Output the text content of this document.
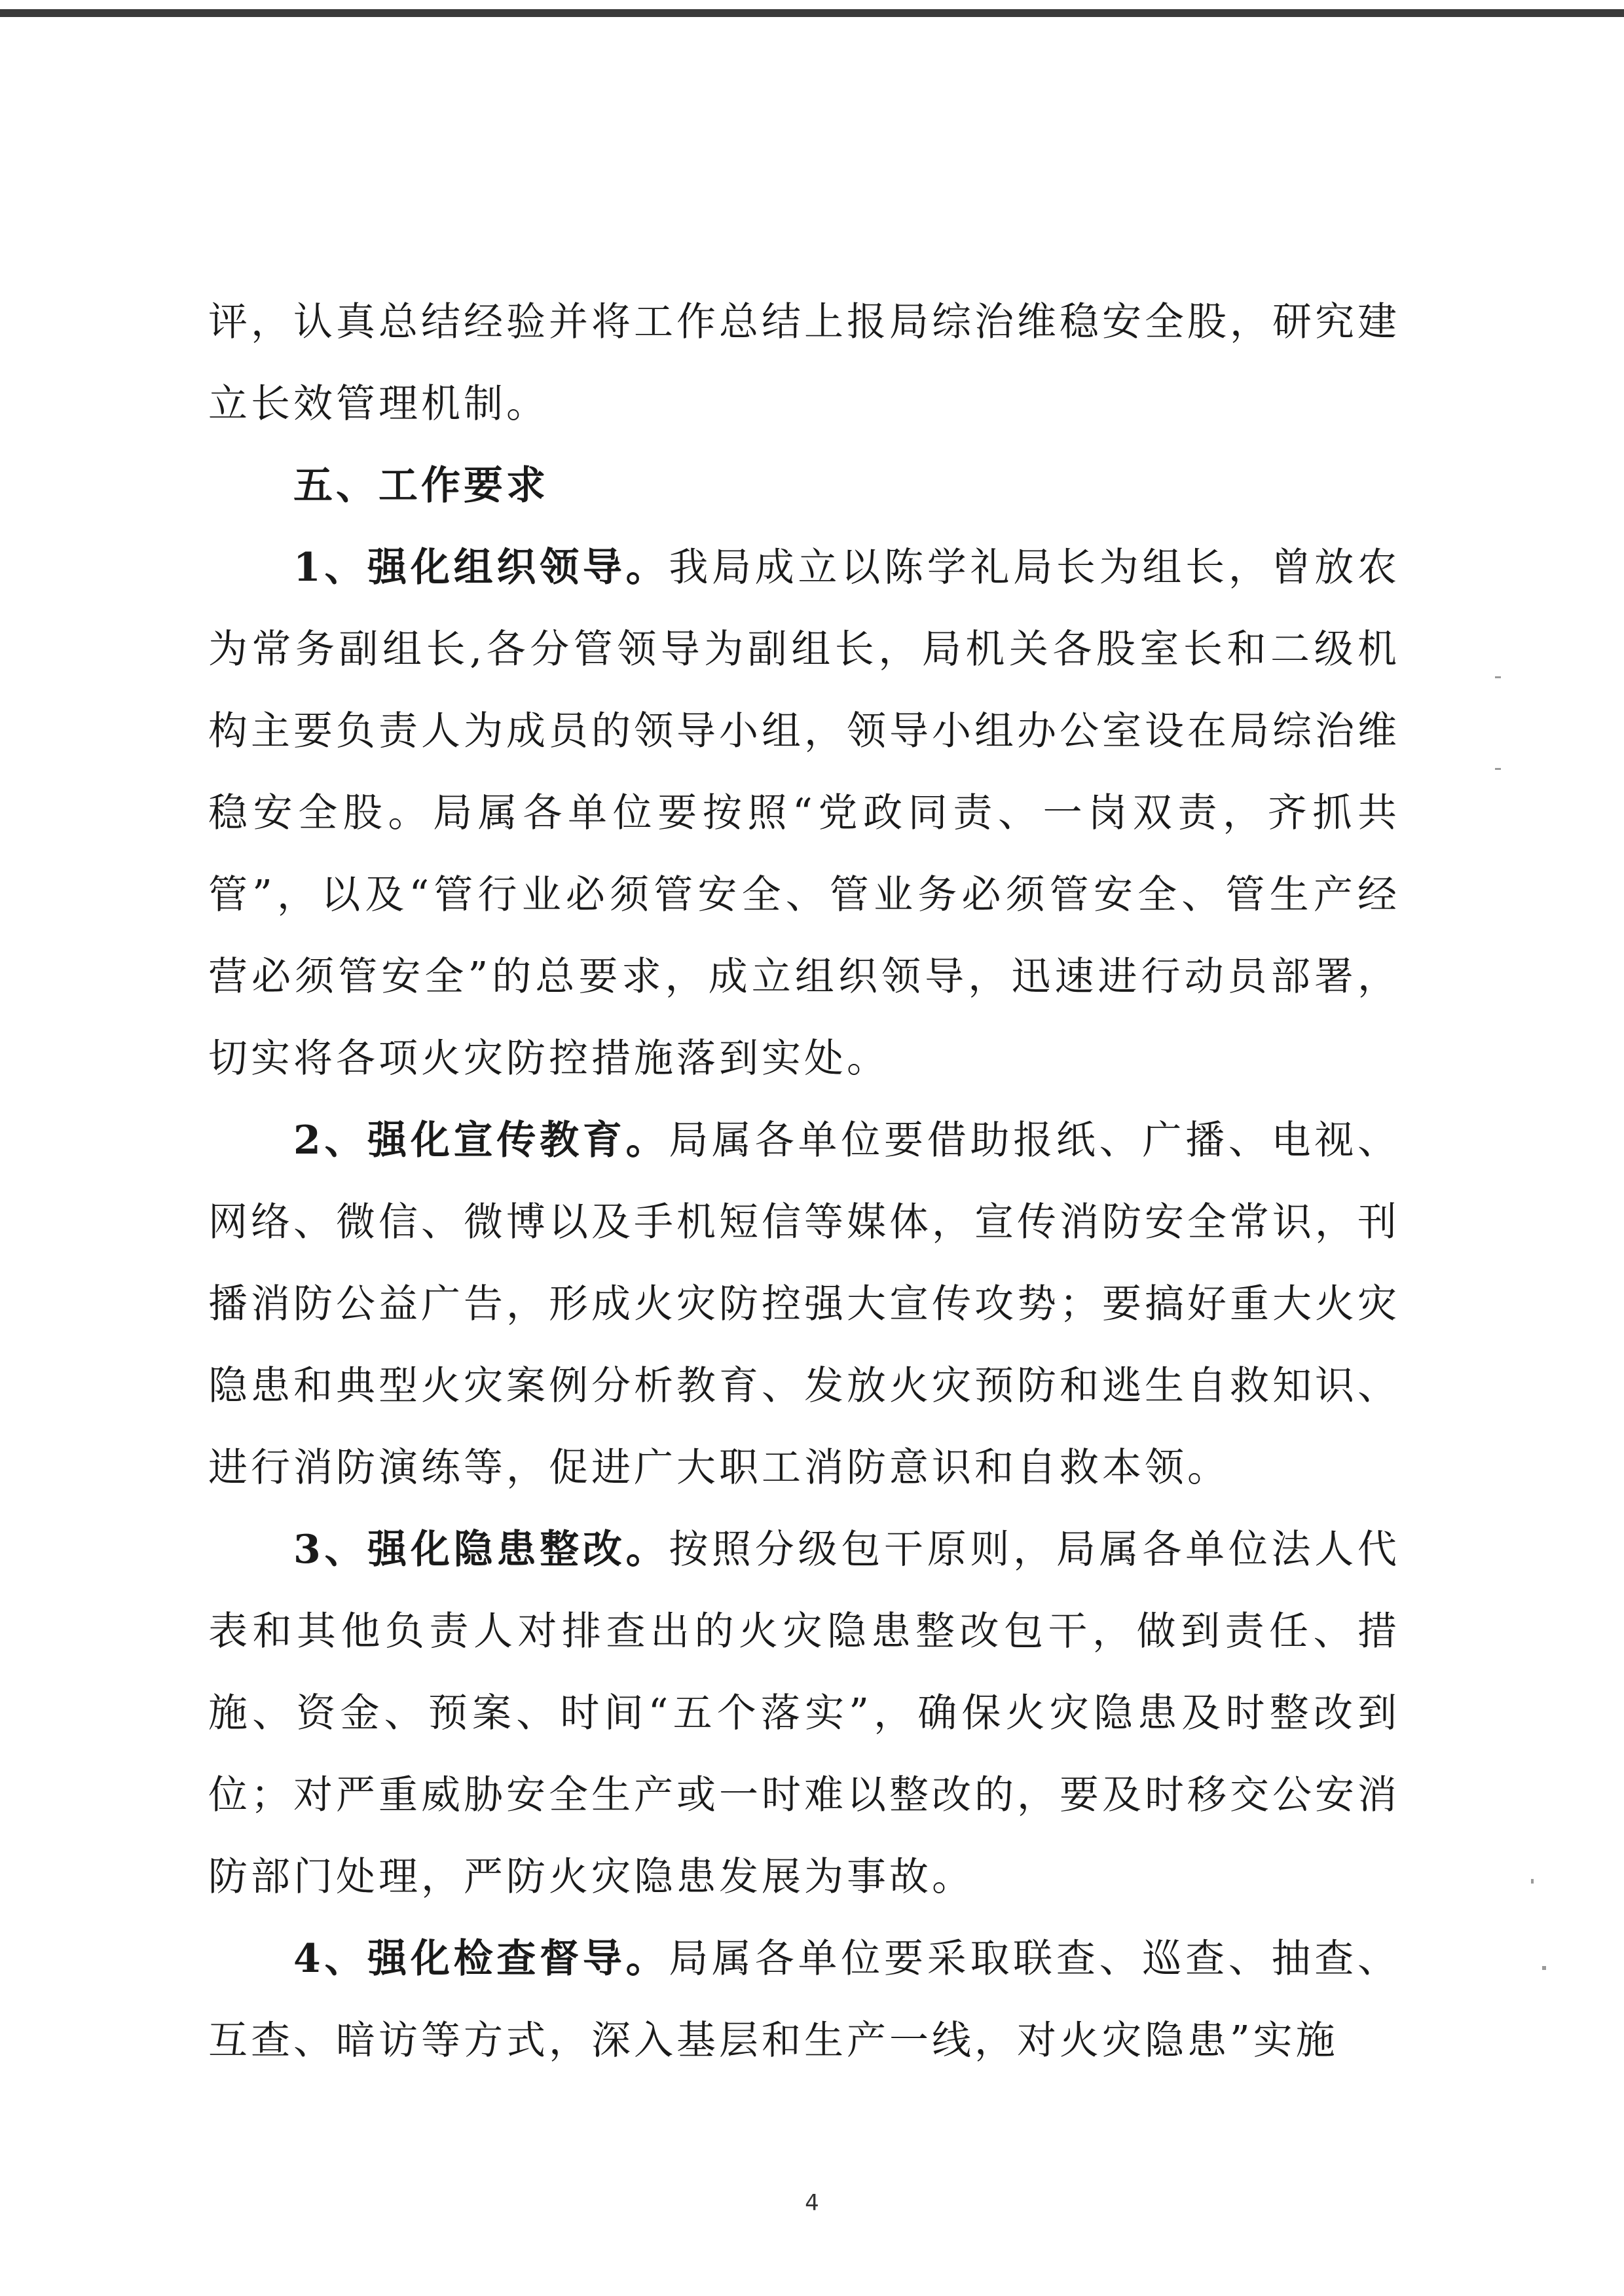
评，认真总结经验并将工作总结上报局综治维稳安全股，研究建立长效管理机制。

五、工作要求

1、强化组织领导。我局成立以陈学礼局长为组长，曾放农为常务副组长,各分管领导为副组长，局机关各股室长和二级机构主要负责人为成员的领导小组，领导小组办公室设在局综治维稳安全股。局属各单位要按照“党政同责、一岗双责，齐抓共管”，以及“管行业必须管安全、管业务必须管安全、管生产经营必须管安全”的总要求，成立组织领导，迅速进行动员部署，切实将各项火灾防控措施落到实处。

2、强化宣传教育。局属各单位要借助报纸、广播、电视、网络、微信、微博以及手机短信等媒体，宣传消防安全常识，刊播消防公益广告，形成火灾防控强大宣传攻势；要搞好重大火灾隐患和典型火灾案例分析教育、发放火灾预防和逃生自救知识、进行消防演练等，促进广大职工消防意识和自救本领。

3、强化隐患整改。按照分级包干原则，局属各单位法人代表和其他负责人对排查出的火灾隐患整改包干，做到责任、措施、资金、预案、时间“五个落实”，确保火灾隐患及时整改到位；对严重威胁安全生产或一时难以整改的，要及时移交公安消防部门处理，严防火灾隐患发展为事故。

4、强化检查督导。局属各单位要采取联查、巡查、抽查、互查、暗访等方式，深入基层和生产一线，对火灾隐患”实施

4
